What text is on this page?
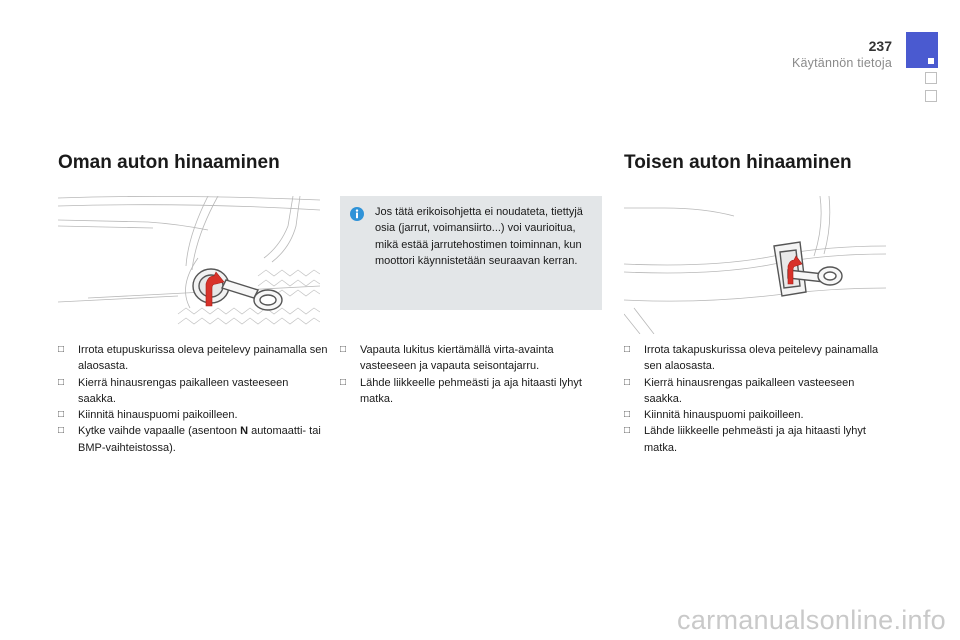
237
Käytännön tietoja
Oman auton hinaaminen

Jos tätä erikoisohjetta ei noudateta, tiettyjä osia (jarrut, voimansiirto...) voi vaurioitua, mikä estää jarrutehostimen toiminnan, kun moottori käynnistetään seuraavan kerran.

□ Irrota etupuskurissa oleva peitelevy painamalla sen alaosasta.
□ Kierrä hinausrengas paikalleen vasteeseen saakka.
□ Kiinnitä hinauspuomi paikoilleen.
□ Kytke vaihde vapaalle (asentoon N automaatti- tai BMP-vaihteistossa).
□ Vapauta lukitus kiertämällä virta-avainta vasteeseen ja vapauta seisontajarru.
□ Lähde liikkeelle pehmeästi ja aja hitaasti lyhyt matka.
Toisen auton hinaaminen
□ Irrota takapuskurissa oleva peitelevy painamalla sen alaosasta.
□ Kierrä hinausrengas paikalleen vasteeseen saakka.
□ Kiinnitä hinauspuomi paikoilleen.
□ Lähde liikkeelle pehmeästi ja aja hitaasti lyhyt matka.
carmanualsonline.info
